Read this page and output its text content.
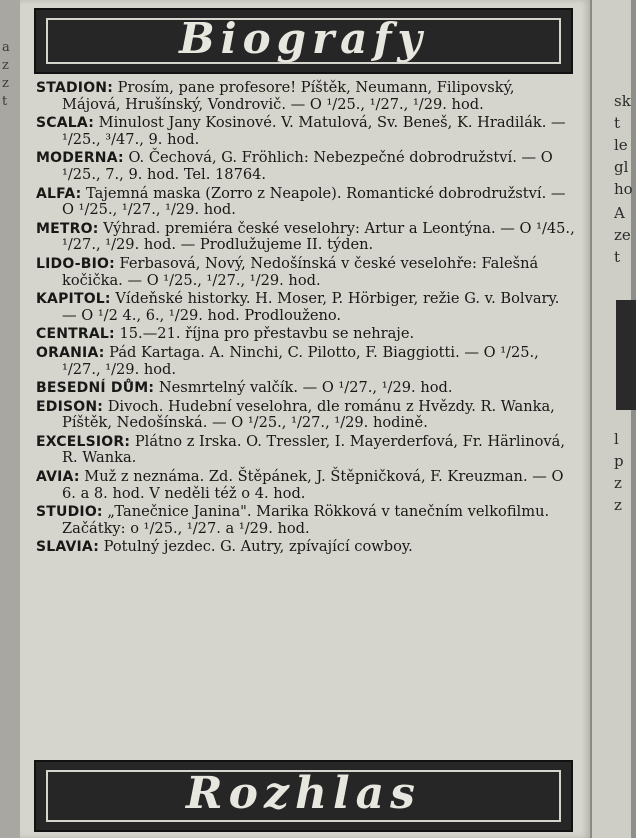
a
z
z
t
Biografy
STADION: Prosím, pane profesore! Píštěk, Neumann, Filipovský, Májová, Hrušínský, Vondrovič. — O ¹/25., ¹/27., ¹/29. hod.
SCALA: Minulost Jany Kosinové. V. Matulová, Sv. Beneš, K. Hradilák. — ¹/25., ³/47., 9. hod.
MODERNA: O. Čechová, G. Fröhlich: Nebezpečné dobrodružství. — O ¹/25., 7., 9. hod. Tel. 18764.
ALFA: Tajemná maska (Zorro z Neapole). Romantické dobrodružství. — O ¹/25., ¹/27., ¹/29. hod.
METRO: Výhrad. premiéra české veselohry: Artur a Leontýna. — O ¹/45., ¹/27., ¹/29. hod. — Prodlužujeme II. týden.
LIDO-BIO: Ferbasová, Nový, Nedošínská v české veselohře: Falešná kočička. — O ¹/25., ¹/27., ¹/29. hod.
KAPITOL: Vídeňské historky. H. Moser, P. Hörbiger, režie G. v. Bolvary. — O ¹/2 4., 6., ¹/29. hod. Prodlouženo.
CENTRAL: 15.—21. října pro přestavbu se nehraje.
ORANIA: Pád Kartaga. A. Ninchi, C. Pilotto, F. Biaggiotti. — O ¹/25., ¹/27., ¹/29. hod.
BESEDNÍ DŮM: Nesmrtelný valčík. — O ¹/27., ¹/29. hod.
EDISON: Divoch. Hudební veselohra, dle románu z Hvězdy. R. Wanka, Píštěk, Nedošínská. — O ¹/25., ¹/27., ¹/29. hodině.
EXCELSIOR: Plátno z Irska. O. Tressler, I. Mayerderfová, Fr. Härlinová, R. Wanka.
AVIA: Muž z neznáma. Zd. Štěpánek, J. Štěpničková, F. Kreuzman. — O 6. a 8. hod. V neděli též o 4. hod.
STUDIO: „Tanečnice Janina". Marika Rökková v tanečním velkofilmu. Začátky: o ¹/25., ¹/27. a ¹/29. hod.
SLAVIA: Potulný jezdec. G. Autry, zpívající cowboy.
Rozhlas
sk
t
le
gl
ho
A
ze
t
l
p
z
z
